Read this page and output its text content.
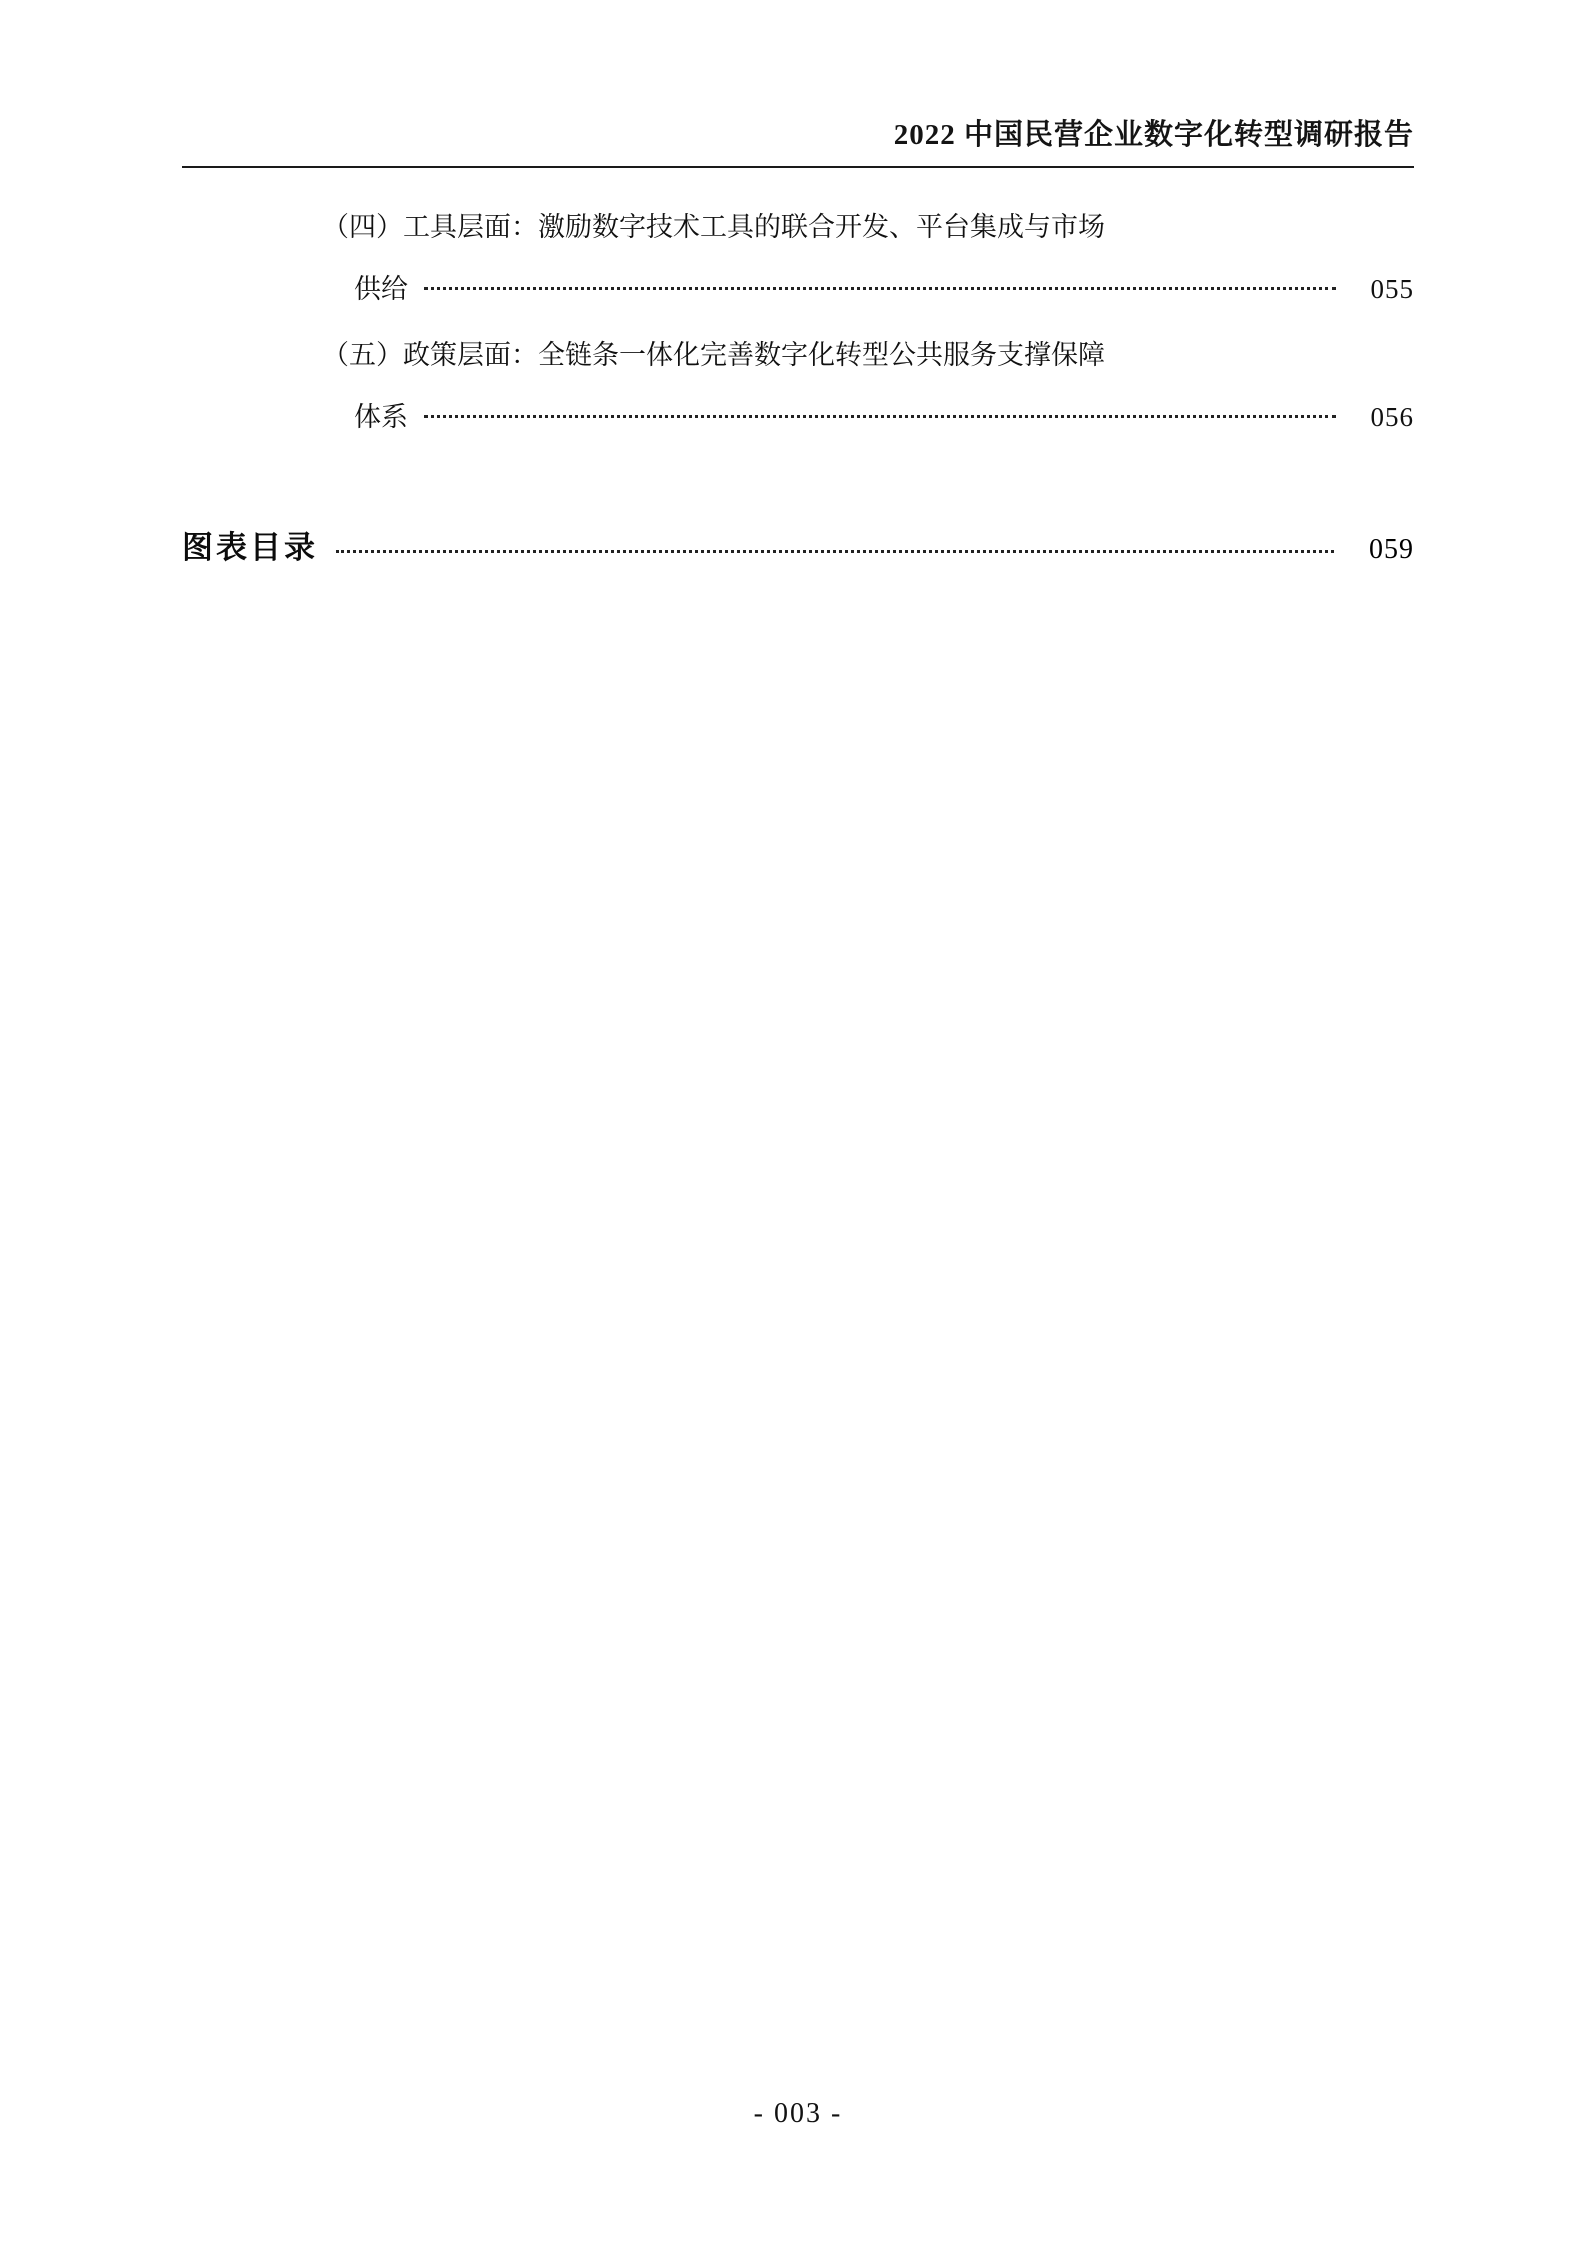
2022 中国民营企业数字化转型调研报告
（四）工具层面：激励数字技术工具的联合开发、平台集成与市场
供给	055
（五）政策层面：全链条一体化完善数字化转型公共服务支撑保障
体系	056
图表目录	059
- 003 -
